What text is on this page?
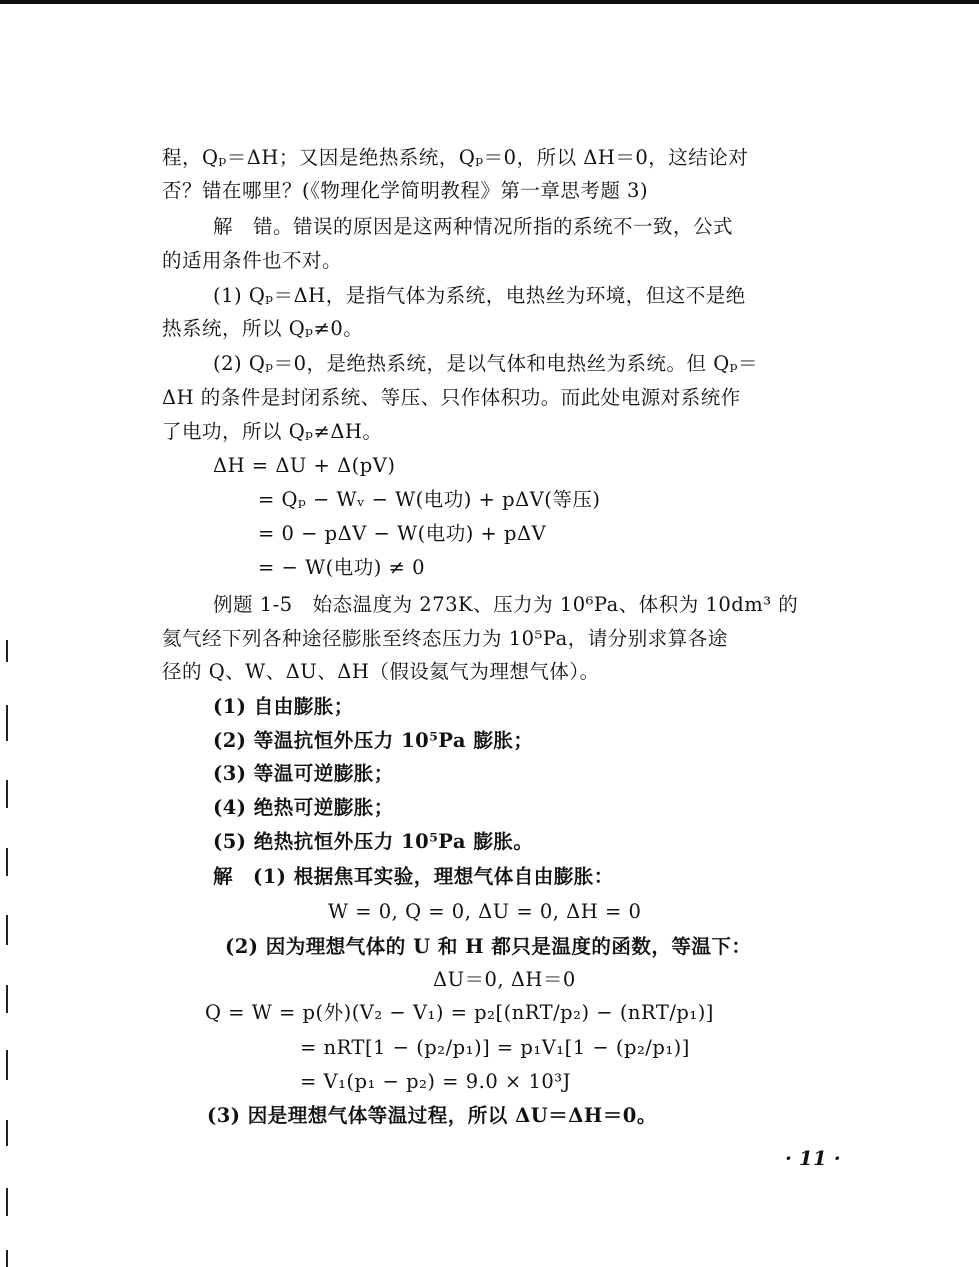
程，Qₚ＝ΔH；又因是绝热系统，Qₚ＝0，所以 ΔH＝0，这结论对
否？错在哪里？(《物理化学简明教程》第一章思考题 3)
解　错。错误的原因是这两种情况所指的系统不一致，公式
的适用条件也不对。
(1) Qₚ＝ΔH，是指气体为系统，电热丝为环境，但这不是绝
热系统，所以 Qₚ≠0。
(2) Qₚ＝0，是绝热系统，是以气体和电热丝为系统。但 Qₚ＝
ΔH 的条件是封闭系统、等压、只作体积功。而此处电源对系统作
了电功，所以 Qₚ≠ΔH。
ΔH = ΔU + Δ(pV)
= Qₚ − Wᵥ − W(电功) + pΔV(等压)
= 0 − pΔV − W(电功) + pΔV
= − W(电功) ≠ 0
例题 1-5　始态温度为 273K、压力为 10⁶Pa、体积为 10dm³ 的
氦气经下列各种途径膨胀至终态压力为 10⁵Pa，请分别求算各途
径的 Q、W、ΔU、ΔH（假设氦气为理想气体）。
(1) 自由膨胀；
(2) 等温抗恒外压力 10⁵Pa 膨胀；
(3) 等温可逆膨胀；
(4) 绝热可逆膨胀；
(5) 绝热抗恒外压力 10⁵Pa 膨胀。
解　(1) 根据焦耳实验，理想气体自由膨胀：
W = 0, Q = 0, ΔU = 0, ΔH = 0
(2) 因为理想气体的 U 和 H 都只是温度的函数，等温下：
ΔU＝0, ΔH＝0
Q = W = p(外)(V₂ − V₁) = p₂[(nRT/p₂) − (nRT/p₁)]
= nRT[1 − (p₂/p₁)] = p₁V₁[1 − (p₂/p₁)]
= V₁(p₁ − p₂) = 9.0 × 10³J
(3) 因是理想气体等温过程，所以 ΔU＝ΔH＝0。
· 11 ·
